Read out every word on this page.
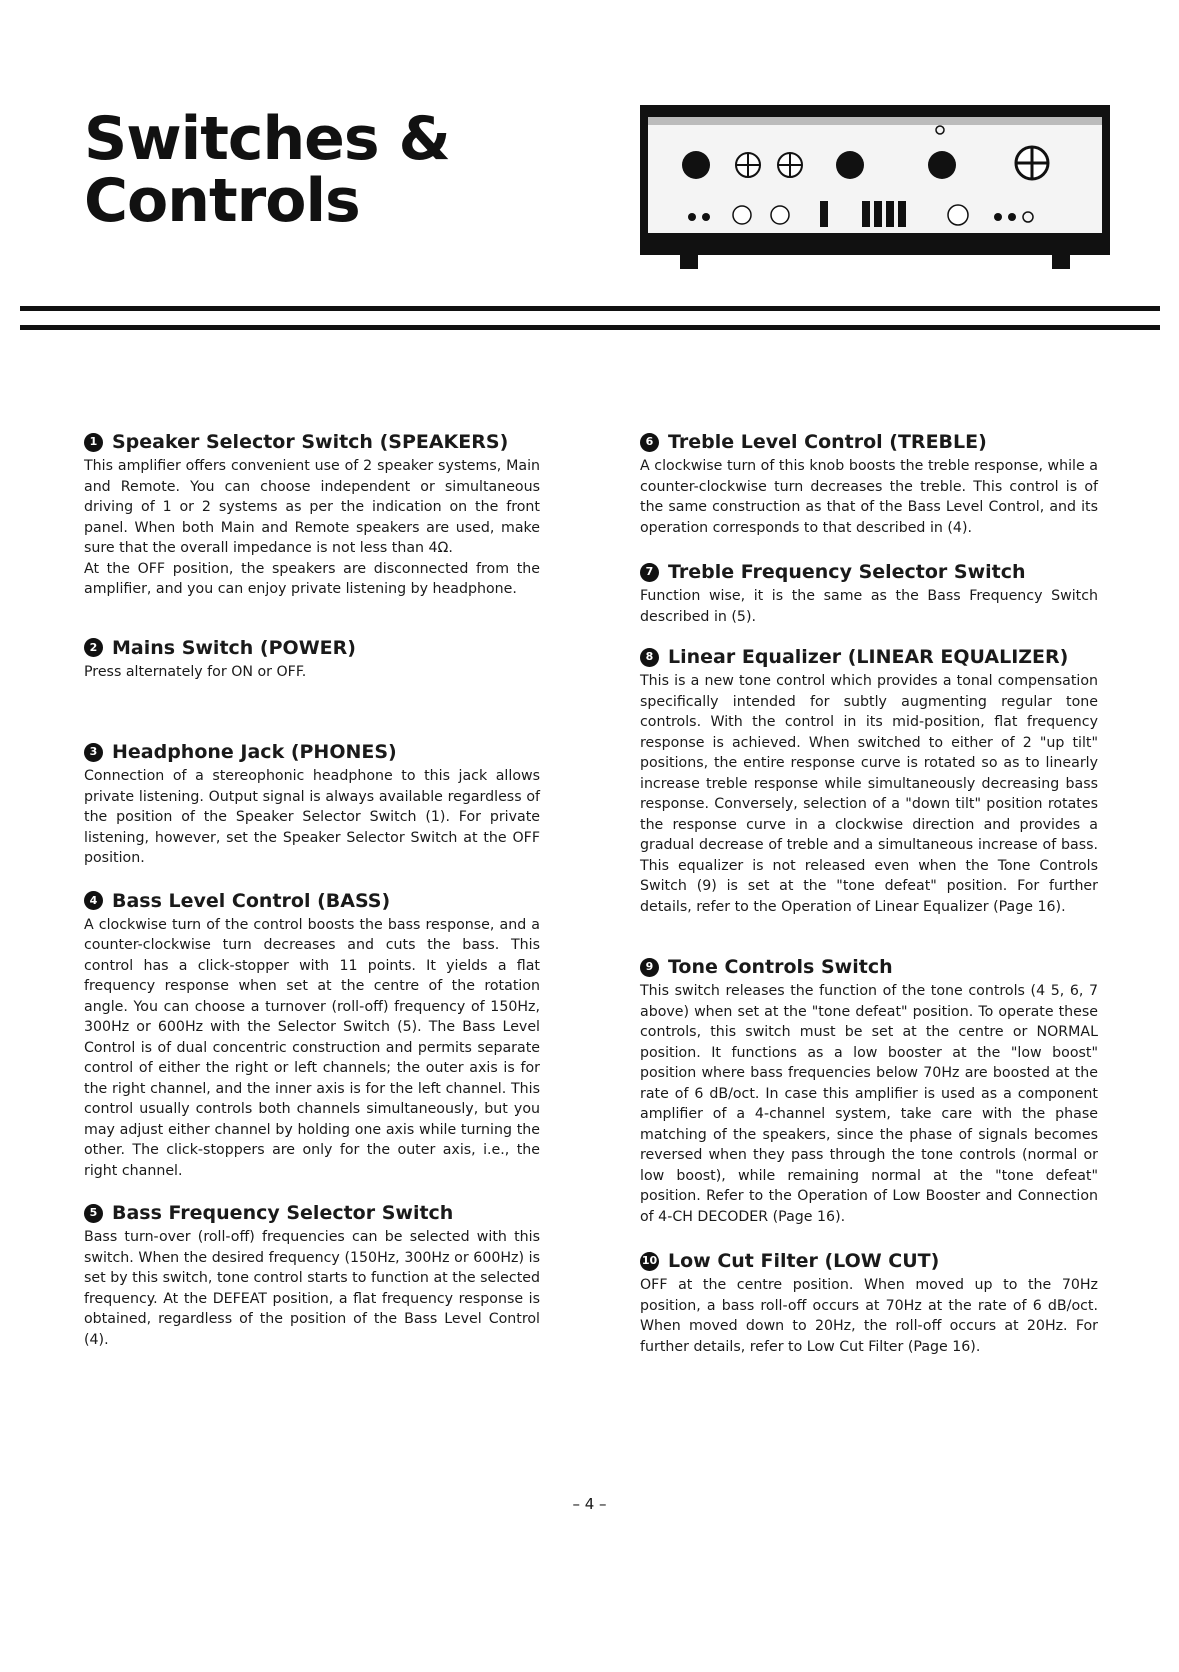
Switches &
Controls
1 Speaker Selector Switch (SPEAKERS)

This amplifier offers convenient use of 2 speaker systems, Main and Remote. You can choose independent or simultaneous driving of 1 or 2 systems as per the indication on the front panel. When both Main and Remote speakers are used, make sure that the overall impedance is not less than 4Ω.

At the OFF position, the speakers are disconnected from the amplifier, and you can enjoy private listening by headphone.

2 Mains Switch (POWER)

Press alternately for ON or OFF.

3 Headphone Jack (PHONES)

Connection of a stereophonic headphone to this jack allows private listening. Output signal is always available regardless of the position of the Speaker Selector Switch (1). For private listening, however, set the Speaker Selector Switch at the OFF position.

4 Bass Level Control (BASS)

A clockwise turn of the control boosts the bass response, and a counter-clockwise turn decreases and cuts the bass. This control has a click-stopper with 11 points. It yields a flat frequency response when set at the centre of the rotation angle. You can choose a turnover (roll-off) frequency of 150Hz, 300Hz or 600Hz with the Selector Switch (5). The Bass Level Control is of dual concentric construction and permits separate control of either the right or left channels; the outer axis is for the right channel, and the inner axis is for the left channel. This control usually controls both channels simultaneously, but you may adjust either channel by holding one axis while turning the other. The click-stoppers are only for the outer axis, i.e., the right channel.

5 Bass Frequency Selector Switch

Bass turn-over (roll-off) frequencies can be selected with this switch. When the desired frequency (150Hz, 300Hz or 600Hz) is set by this switch, tone control starts to function at the selected frequency. At the DEFEAT position, a flat frequency response is obtained, regardless of the position of the Bass Level Control (4).

6 Treble Level Control (TREBLE)

A clockwise turn of this knob boosts the treble response, while a counter-clockwise turn decreases the treble. This control is of the same construction as that of the Bass Level Control, and its operation corresponds to that described in (4).

7 Treble Frequency Selector Switch

Function wise, it is the same as the Bass Frequency Switch described in (5).

8 Linear Equalizer (LINEAR EQUALIZER)

This is a new tone control which provides a tonal compensation specifically intended for subtly augmenting regular tone controls. With the control in its mid-position, flat frequency response is achieved. When switched to either of 2 "up tilt" positions, the entire response curve is rotated so as to linearly increase treble response while simultaneously decreasing bass response. Conversely, selection of a "down tilt" position rotates the response curve in a clockwise direction and provides a gradual decrease of treble and a simultaneous increase of bass. This equalizer is not released even when the Tone Controls Switch (9) is set at the "tone defeat" position. For further details, refer to the Operation of Linear Equalizer (Page 16).

9 Tone Controls Switch

This switch releases the function of the tone controls (4 5, 6, 7 above) when set at the "tone defeat" position. To operate these controls, this switch must be set at the centre or NORMAL position. It functions as a low booster at the "low boost" position where bass frequencies below 70Hz are boosted at the rate of 6 dB/oct. In case this amplifier is used as a component amplifier of a 4-channel system, take care with the phase matching of the speakers, since the phase of signals becomes reversed when they pass through the tone controls (normal or low boost), while remaining normal at the "tone defeat" position. Refer to the Operation of Low Booster and Connection of 4-CH DECODER (Page 16).

10 Low Cut Filter (LOW CUT)

OFF at the centre position. When moved up to the 70Hz position, a bass roll-off occurs at 70Hz at the rate of 6 dB/oct. When moved down to 20Hz, the roll-off occurs at 20Hz. For further details, refer to Low Cut Filter (Page 16).

– 4 –
